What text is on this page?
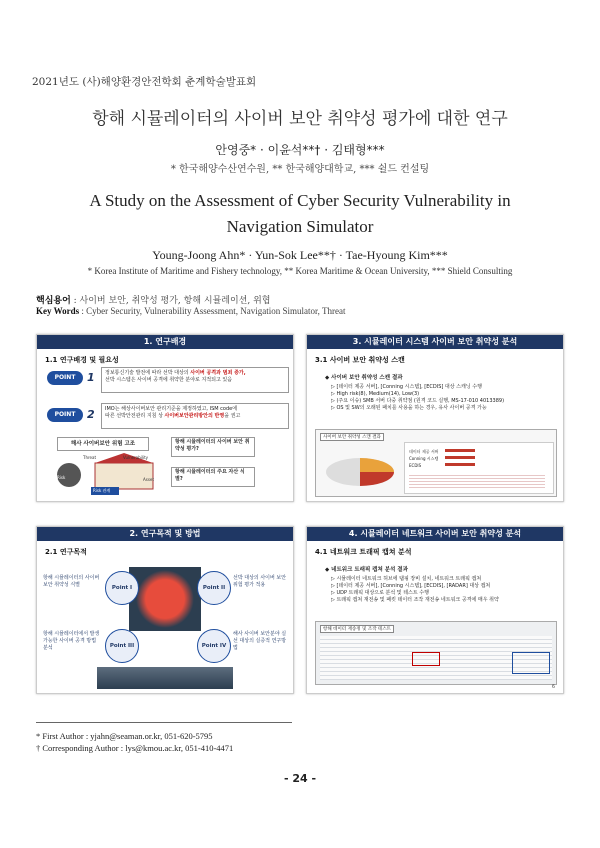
2021년도 (사)해양환경안전학회 춘계학술발표회
항해 시뮬레이터의 사이버 보안 취약성 평가에 대한 연구
안영중* · 이윤석**† · 김태형***
* 한국해양수산연수원, ** 한국해양대학교, *** 쉴드 컨설팅
A Study on the Assessment of Cyber Security Vulnerability in Navigation Simulator
Young-Joong Ahn* · Yun-Sok Lee**† · Tae-Hyoung Kim***
* Korea Institute of Maritime and Fishery technology, ** Korea Maritime & Ocean University, *** Shield Consulting
핵심용어 : 사이버 보안, 취약성 평가, 항해 시뮬레이션, 위협
Key Words : Cyber Security, Vulnerability Assessment, Navigation Simulator, Threat
1. 연구배경
1.1 연구배경 및 필요성
POINT	1	정보통신기술 발전에 따라 선박 대상의 사이버 공격과 범죄 증가,
선박 시스템은 사이버 공격에 취약한 분야로 지적되고 있음
POINT	2	IMO는 해상사이버보안 관리기준을 제정하였고, ISM code에
따른 선박안전관리 지침 상 사이버보안관리방안의 반영을 권고
해사 사이버보안 위험 고조
Threat	Vulnerability
Asset
Risk
Risk 관계
항해 시뮬레이터의 사이버 보안 취약성 평가?
항해 시뮬레이터의 주요 자산 식별?
3. 시뮬레이터 시스템 사이버 보안 취약성 분석
3.1 사이버 보안 취약성 스캔
◆ 사이버 보안 취약성 스캔 결과
▷ [데이터 제공 서버], [Conning 시스템], [ECDIS] 대상 스캐닝 수행
▷ High risk(8), Medium(14), Low(3)
▷ (주요 이슈) SMB 서버 다중 취약점 (원격 코드 실행, MS-17-010 4013389)
▷ OS 및 SW의 오래된 패치를 사용을 하는 경우, 유사 사이버 공격 가능
사이버 보안 취약성 스캔 결과
데이터 제공 서버
Conning 시스템
ECDIS
2. 연구목적 및 방법
2.1 연구목적
Point I	Point II
Point III	Point IV
항해 시뮬레이터의 사이버보안 취약성 식별
선박 대상의 사이버 보안위험 평가 적용
항해 시뮬레이터에서 발생 가능한 사이버 공격 방법 분석
해사 사이버 보안분야 실선 대상의 실증적 연구방법
4. 시뮬레이터 네트워크 사이버 보안 취약성 분석
4.1 네트워크 트래픽 캡쳐 분석
◆ 네트워크 트래픽 캡쳐 분석 결과
▷ 시뮬레이터 네트워크 허브에 탭핑 장비 설치, 네트워크 트래픽 캡쳐
▷ [데이터 제공 서버], [Conning 시스템], [ECDIS], [RADAR] 대상 캡쳐
▷ UDP 트래픽 대상으로 분석 및 테스트 수행
▷ 트래픽 캡쳐 재전송 및 패킷 데이터 조작 재전송 네트워크 공격에 매우 취약
항해 데이터 재송정 및 조작 테스트
6
* First Author : yjahn@seaman.or.kr, 051-620-5795
† Corresponding Author : lys@kmou.ac.kr, 051-410-4471
- 24 -
